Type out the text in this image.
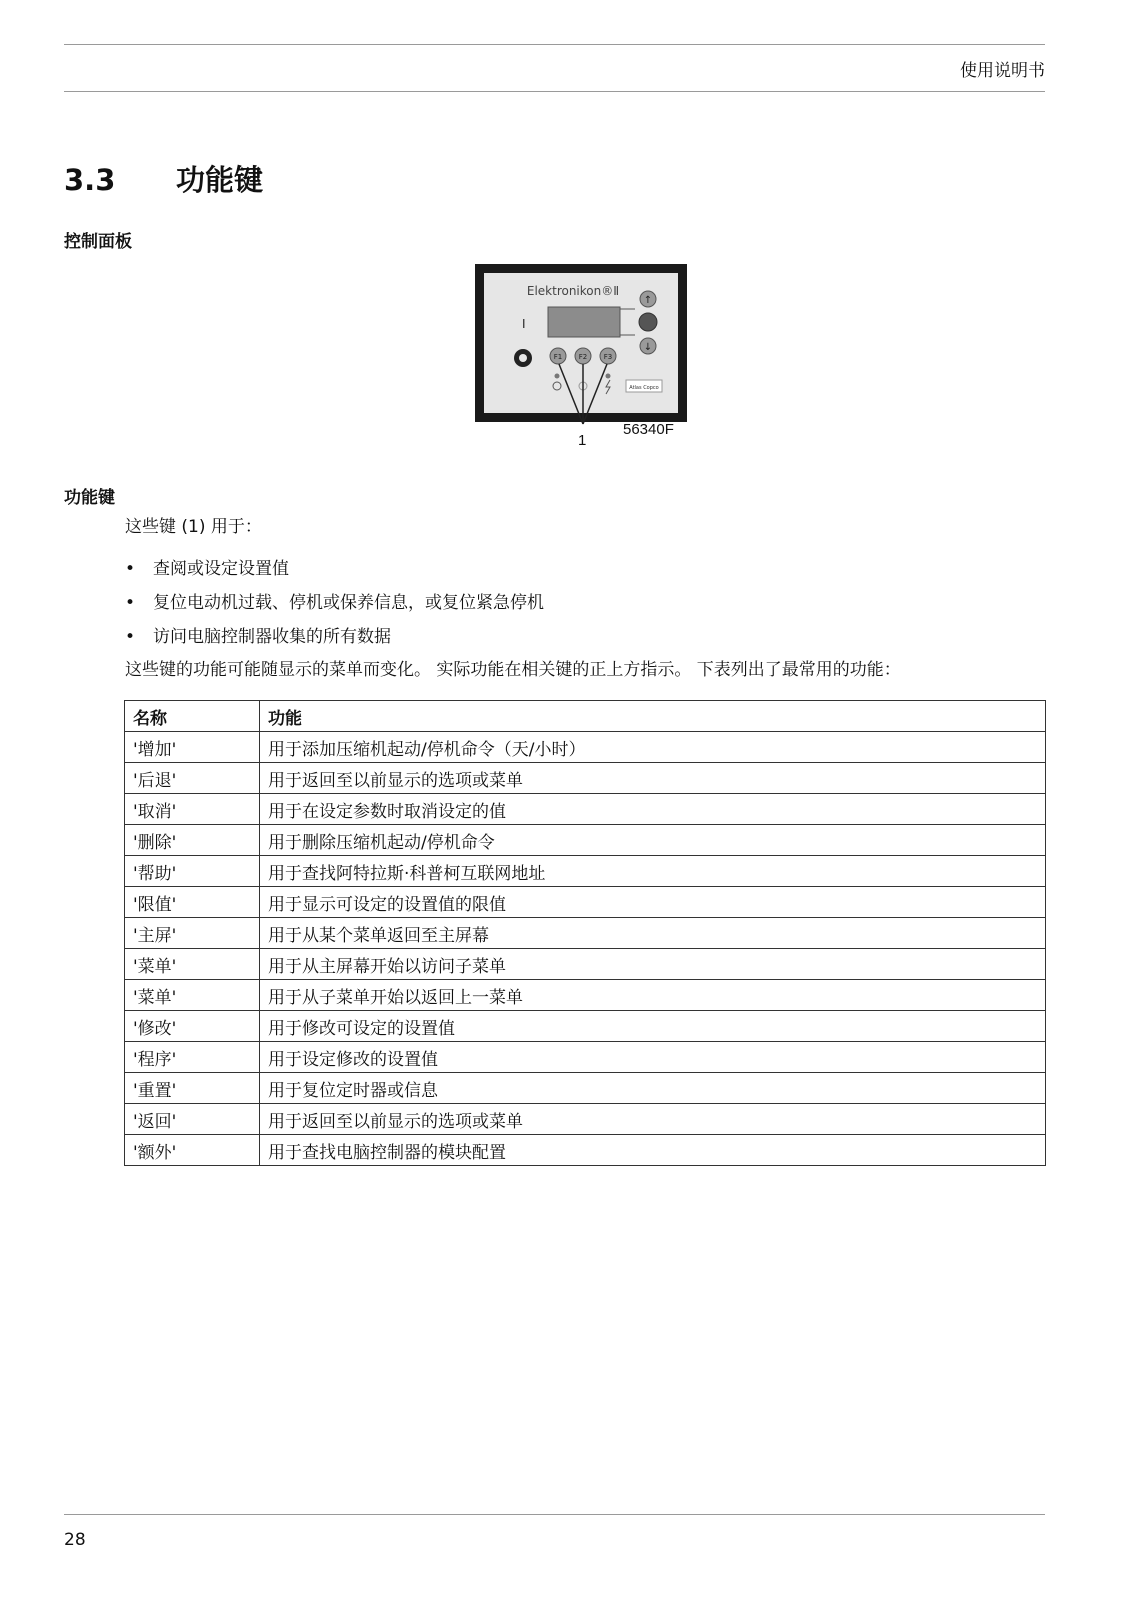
使用说明书
3.3 功能键
控制面板
Elektronikon®Ⅱ
I
F1 F2 F3
↑
↓
Atlas Copco
1
56340F
功能键
这些键 (1) 用于：
• 查阅或设定设置值
• 复位电动机过载、停机或保养信息，或复位紧急停机
• 访问电脑控制器收集的所有数据
这些键的功能可能随显示的菜单而变化。 实际功能在相关键的正上方指示。 下表列出了最常用的功能：
名称	功能
'增加'	用于添加压缩机起动/停机命令（天/小时）
'后退'	用于返回至以前显示的选项或菜单
'取消'	用于在设定参数时取消设定的值
'删除'	用于删除压缩机起动/停机命令
'帮助'	用于查找阿特拉斯·科普柯互联网地址
'限值'	用于显示可设定的设置值的限值
'主屏'	用于从某个菜单返回至主屏幕
'菜单'	用于从主屏幕开始以访问子菜单
'菜单'	用于从子菜单开始以返回上一菜单
'修改'	用于修改可设定的设置值
'程序'	用于设定修改的设置值
'重置'	用于复位定时器或信息
'返回'	用于返回至以前显示的选项或菜单
'额外'	用于查找电脑控制器的模块配置
28
